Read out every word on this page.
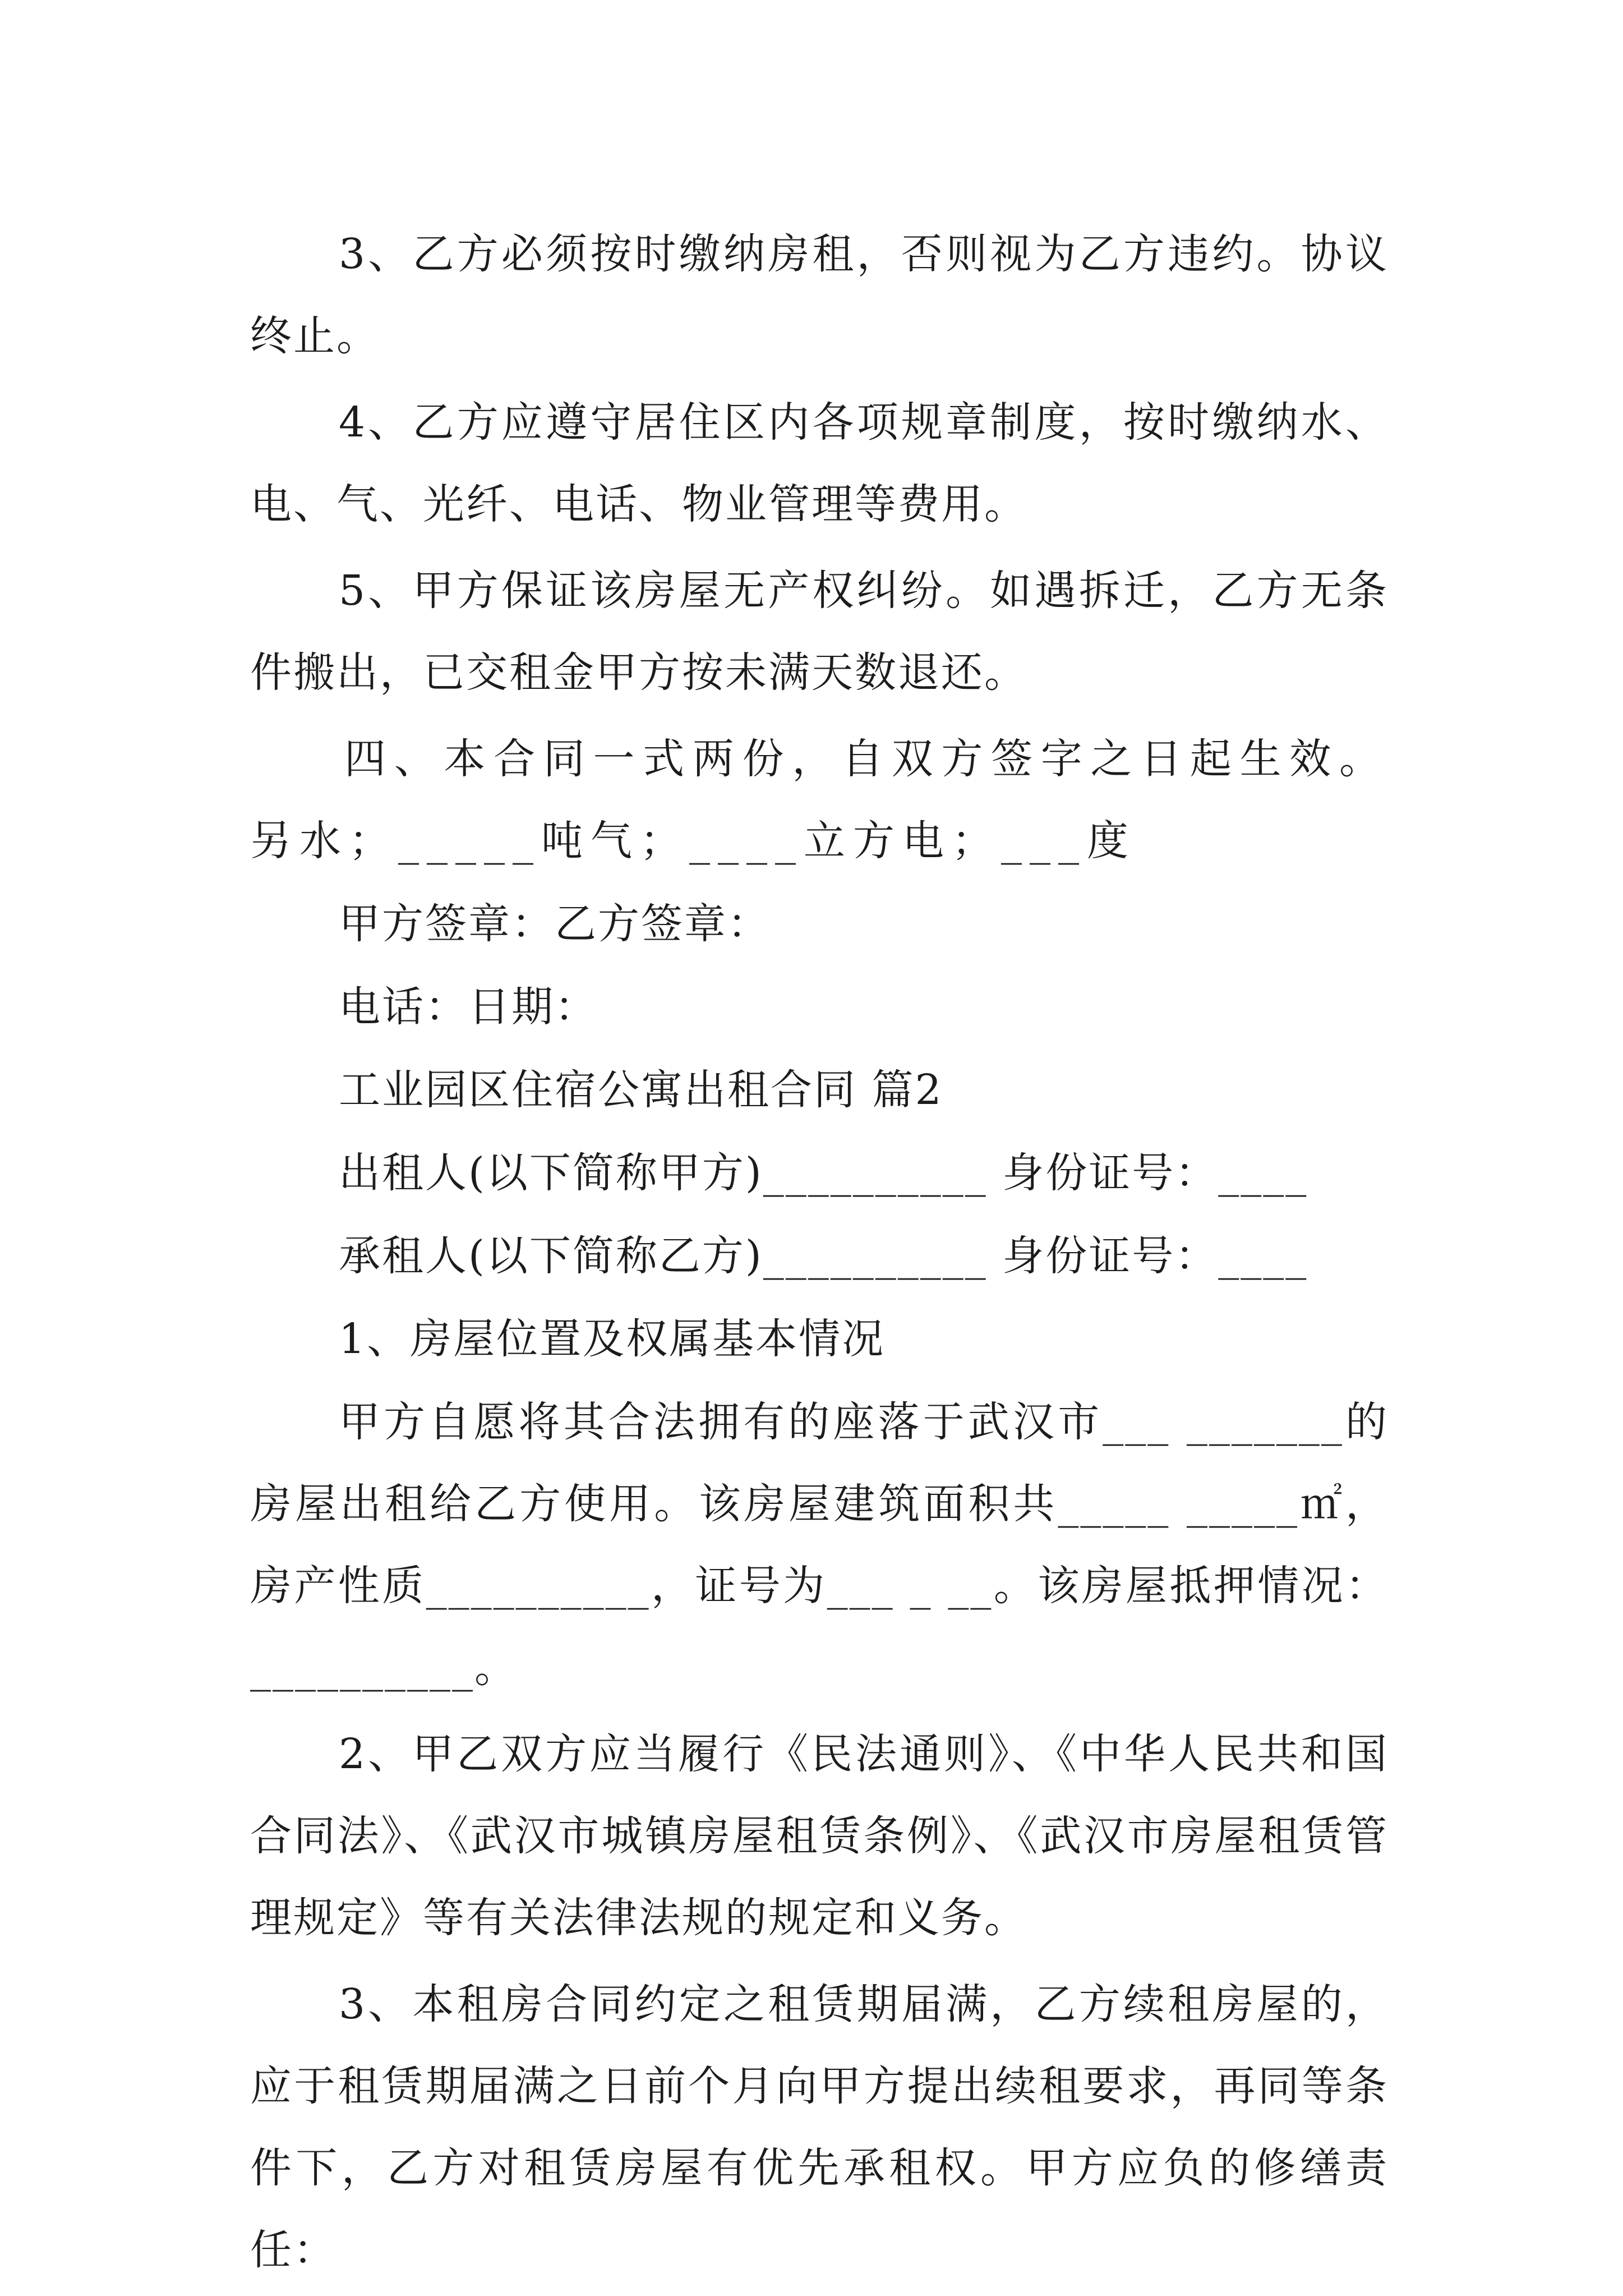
3、乙方必须按时缴纳房租，否则视为乙方违约。协议终止。

4、乙方应遵守居住区内各项规章制度，按时缴纳水、电、气、光纤、电话、物业管理等费用。

5、甲方保证该房屋无产权纠纷。如遇拆迁，乙方无条件搬出，已交租金甲方按未满天数退还。

四、本合同一式两份，自双方签字之日起生效。另水；_____吨气；____立方电；___度

甲方签章：乙方签章：

电话：日期：

工业园区住宿公寓出租合同 篇2

出租人(以下简称甲方)__________ 身份证号：____

承租人(以下简称乙方)__________ 身份证号：____

1、房屋位置及权属基本情况

甲方自愿将其合法拥有的座落于武汉市___ _______的房屋出租给乙方使用。该房屋建筑面积共_____ _____㎡，房产性质__________，证号为___ _ __。该房屋抵押情况：__________。

2、甲乙双方应当履行《民法通则》、《中华人民共和国合同法》、《武汉市城镇房屋租赁条例》、《武汉市房屋租赁管理规定》等有关法律法规的规定和义务。

3、本租房合同约定之租赁期届满，乙方续租房屋的，应于租赁期届满之日前个月向甲方提出续租要求，再同等条件下，乙方对租赁房屋有优先承租权。甲方应负的修缮责任：
